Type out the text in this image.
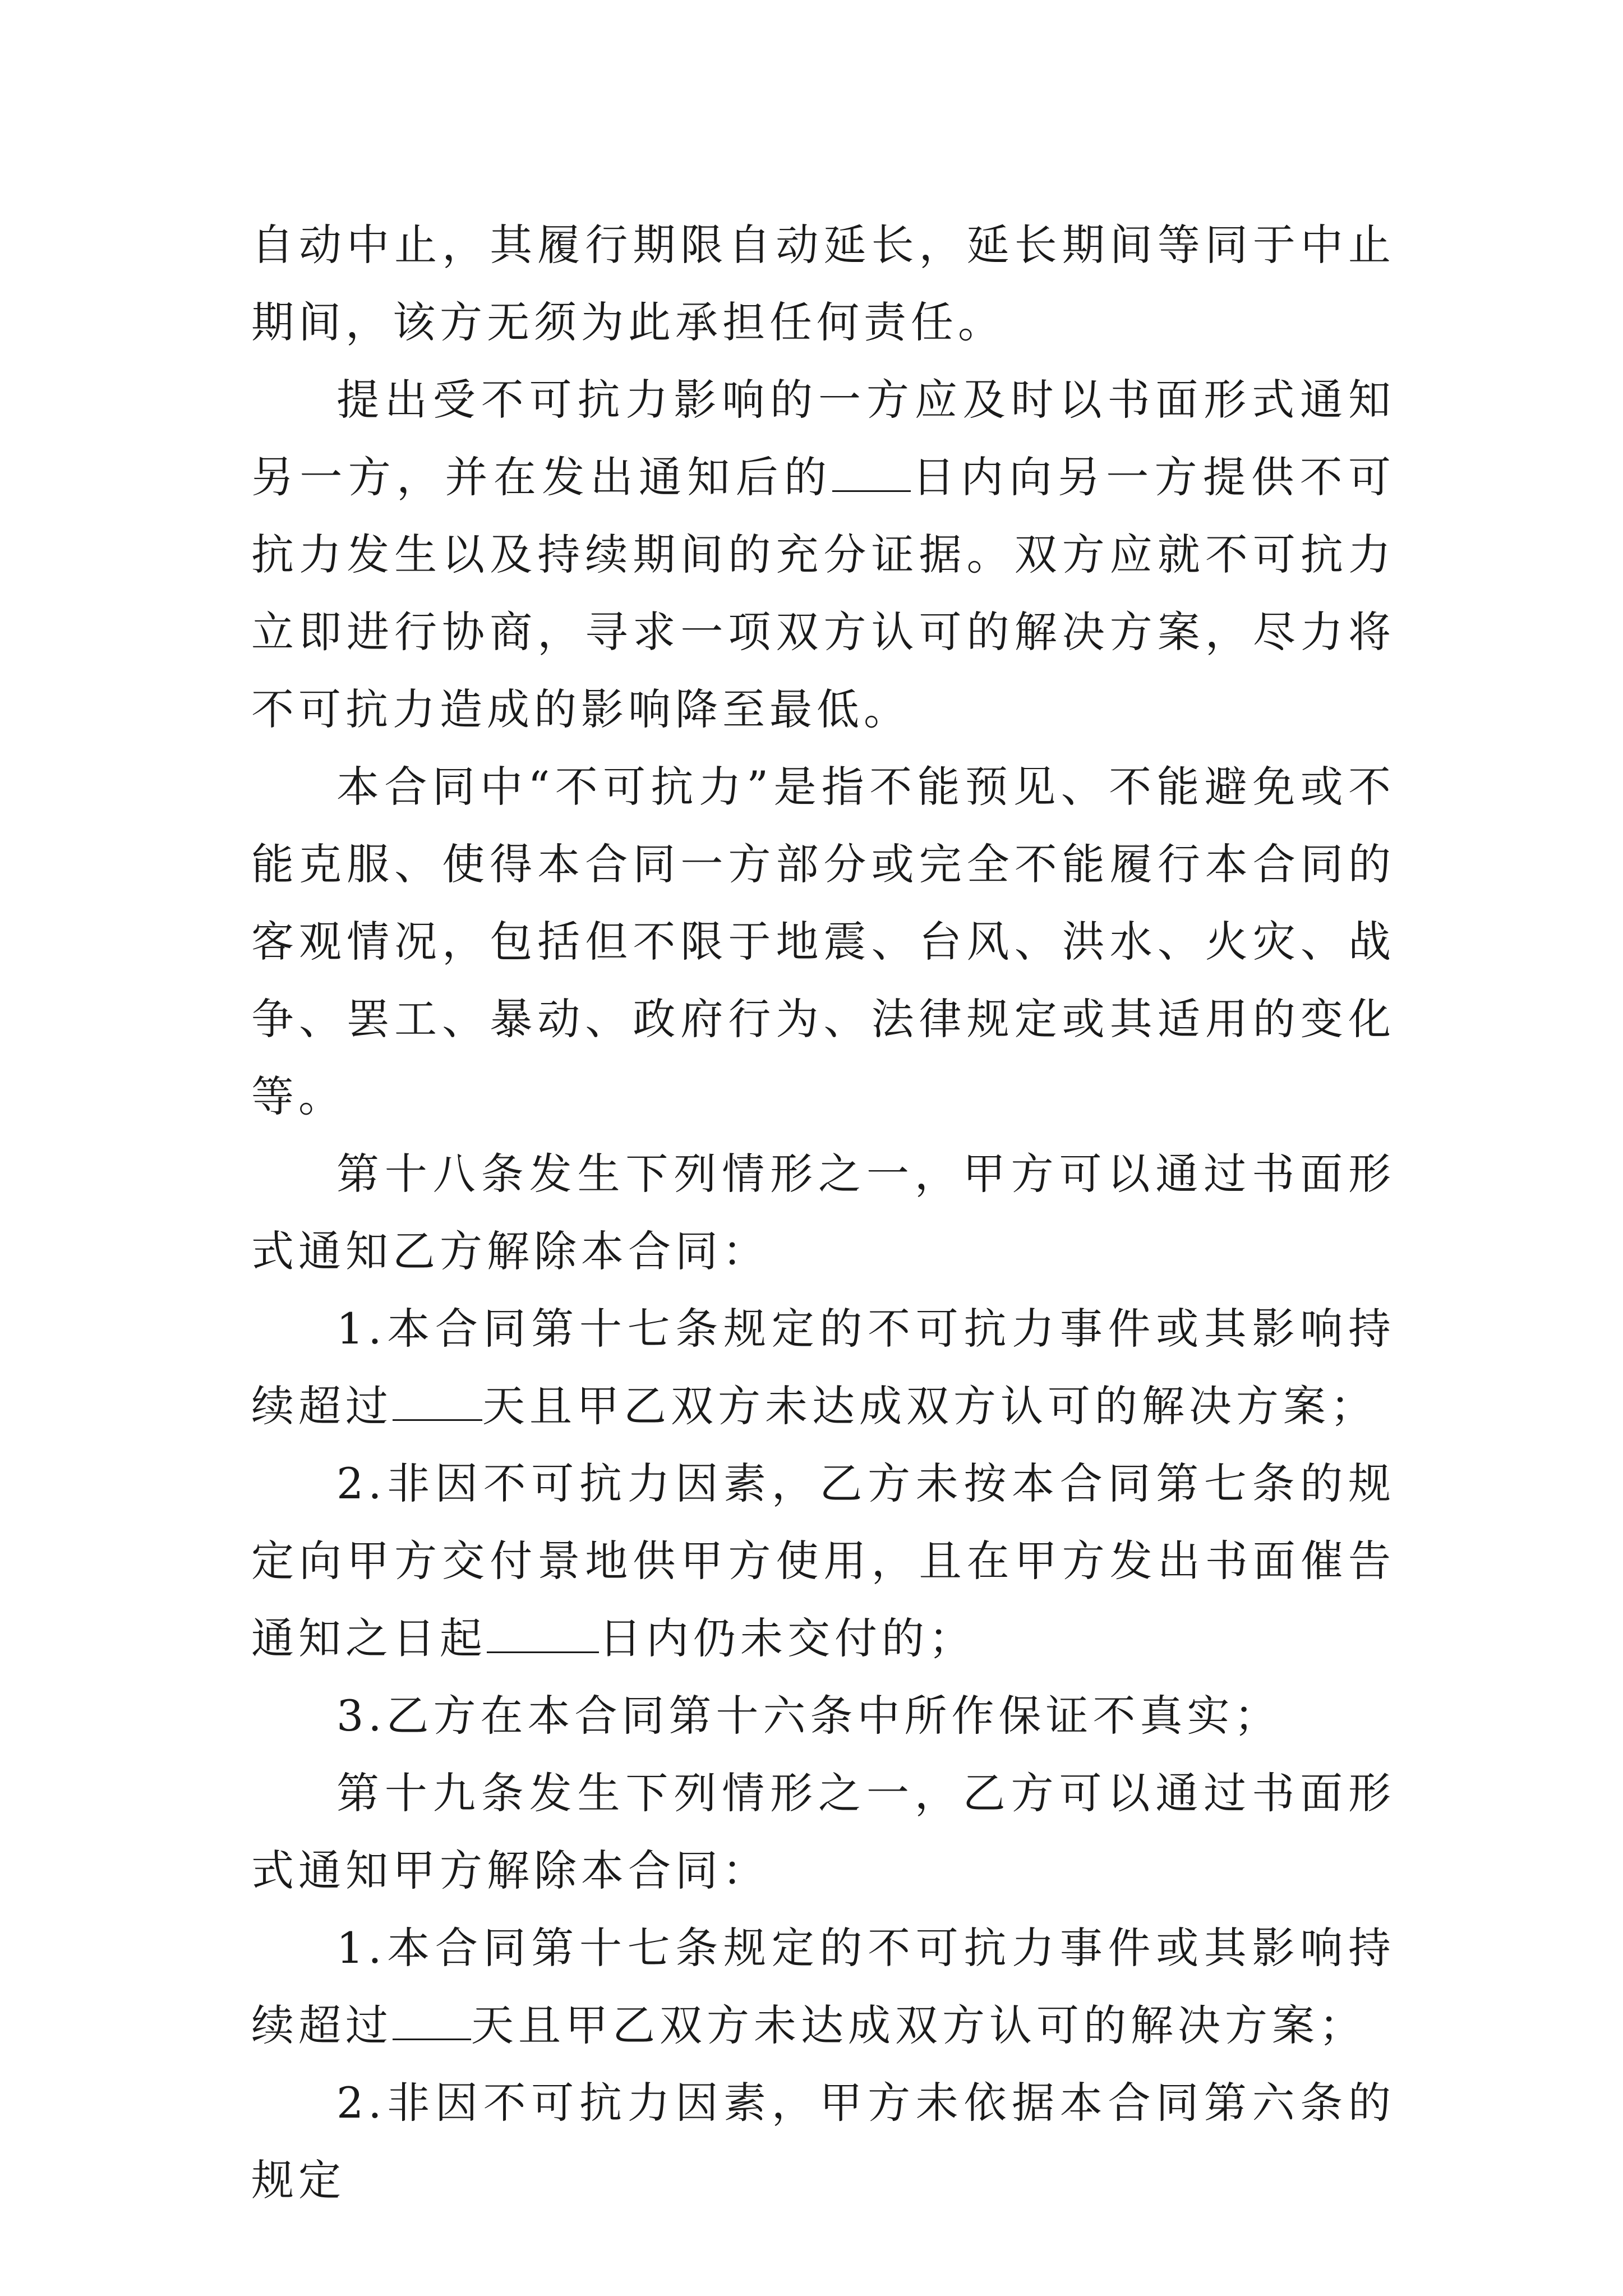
自动中止，其履行期限自动延长，延长期间等同于中止期间，该方无须为此承担任何责任。

提出受不可抗力影响的一方应及时以书面形式通知另一方，并在发出通知后的 日内向另一方提供不可抗力发生以及持续期间的充分证据。双方应就不可抗力立即进行协商，寻求一项双方认可的解决方案，尽力将不可抗力造成的影响降至最低。

本合同中“不可抗力”是指不能预见、不能避免或不能克服、使得本合同一方部分或完全不能履行本合同的客观情况，包括但不限于地震、台风、洪水、火灾、战争、罢工、暴动、政府行为、法律规定或其适用的变化等。

第十八条发生下列情形之一，甲方可以通过书面形式通知乙方解除本合同：

1.本合同第十七条规定的不可抗力事件或其影响持续超过 天且甲乙双方未达成双方认可的解决方案；

2.非因不可抗力因素，乙方未按本合同第七条的规定向甲方交付景地供甲方使用，且在甲方发出书面催告通知之日起	日内仍未交付的；

3.乙方在本合同第十六条中所作保证不真实；

第十九条发生下列情形之一，乙方可以通过书面形式通知甲方解除本合同：

1.本合同第十七条规定的不可抗力事件或其影响持续超过 天且甲乙双方未达成双方认可的解决方案；

2.非因不可抗力因素，甲方未依据本合同第六条的规定
